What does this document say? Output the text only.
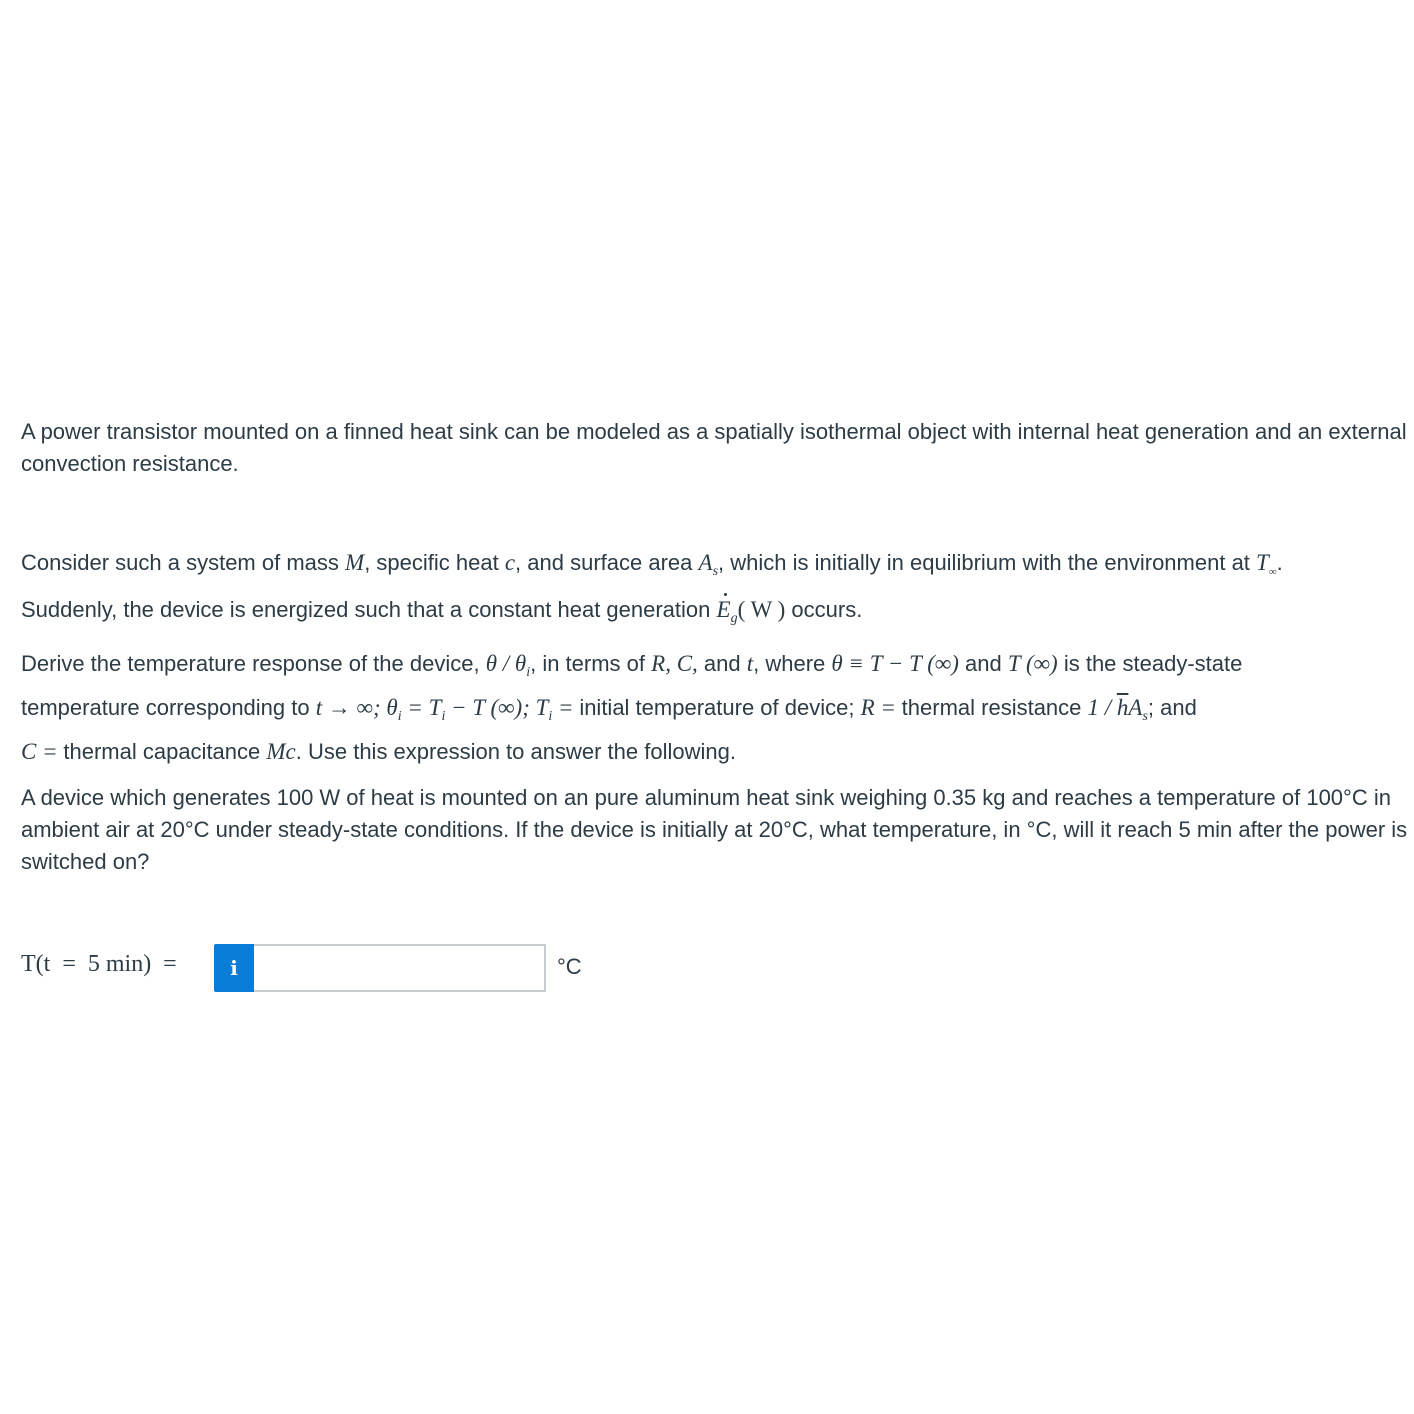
A power transistor mounted on a finned heat sink can be modeled as a spatially isothermal object with internal heat generation and an external convection resistance.

Consider such a system of mass M, specific heat c, and surface area $A_s$, which is initially in equilibrium with the environment at $T_\infty$.
Suddenly, the device is energized such that a constant heat generation $E_g$( W ) occurs.

Derive the temperature response of the device, θ / $\theta_i$, in terms of R, C, and t, where θ ≡ T − T (∞) and T (∞) is the steady-state
temperature corresponding to t → ∞; $\theta_i = T_i - T$ (∞); $T_i$ = initial temperature of device; R = thermal resistance $1 / \overline{h}A_s$; and
C = thermal capacitance Mc. Use this expression to answer the following.

A device which generates 100 W of heat is mounted on an pure aluminum heat sink weighing 0.35 kg and reaches a temperature of 100°C in ambient air at 20°C under steady-state conditions. If the device is initially at 20°C, what temperature, in °C, will it reach 5 min after the power is switched on?

T(t  =  5 min)  =	i	°C
